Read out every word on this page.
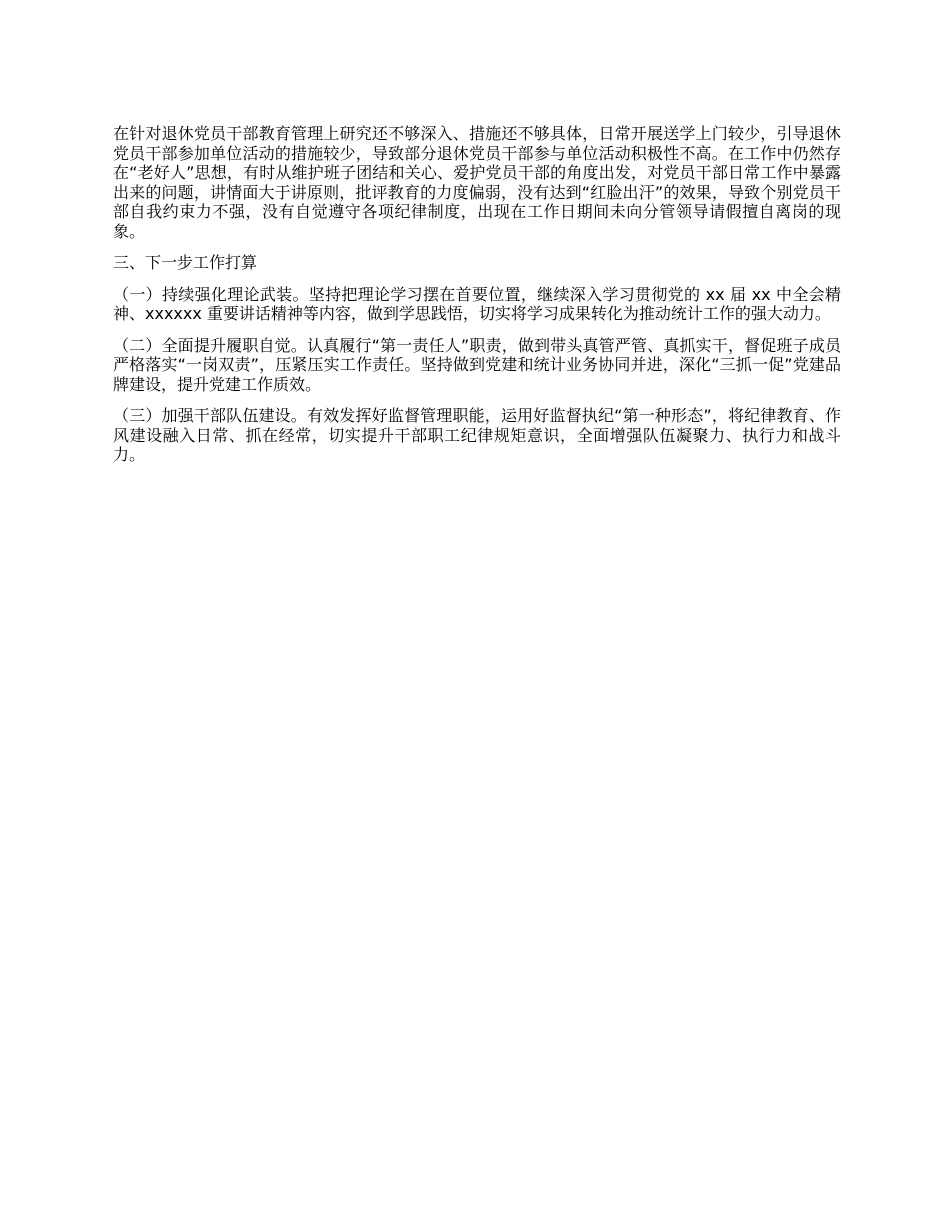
在针对退休党员干部教育管理上研究还不够深入、措施还不够具体，日常开展送学上门较少，引导退休党员干部参加单位活动的措施较少，导致部分退休党员干部参与单位活动积极性不高。在工作中仍然存在“老好人”思想，有时从维护班子团结和关心、爱护党员干部的角度出发，对党员干部日常工作中暴露出来的问题，讲情面大于讲原则，批评教育的力度偏弱，没有达到“红脸出汗”的效果，导致个别党员干部自我约束力不强，没有自觉遵守各项纪律制度，出现在工作日期间未向分管领导请假擅自离岗的现象。

三、下一步工作打算

（一）持续强化理论武装。坚持把理论学习摆在首要位置，继续深入学习贯彻党的 xx 届 xx 中全会精神、xxxxxx 重要讲话精神等内容，做到学思践悟，切实将学习成果转化为推动统计工作的强大动力。

（二）全面提升履职自觉。认真履行“第一责任人”职责，做到带头真管严管、真抓实干，督促班子成员严格落实“一岗双责”，压紧压实工作责任。坚持做到党建和统计业务协同并进，深化“三抓一促”党建品牌建设，提升党建工作质效。

（三）加强干部队伍建设。有效发挥好监督管理职能，运用好监督执纪“第一种形态”，将纪律教育、作风建设融入日常、抓在经常，切实提升干部职工纪律规矩意识，全面增强队伍凝聚力、执行力和战斗力。
